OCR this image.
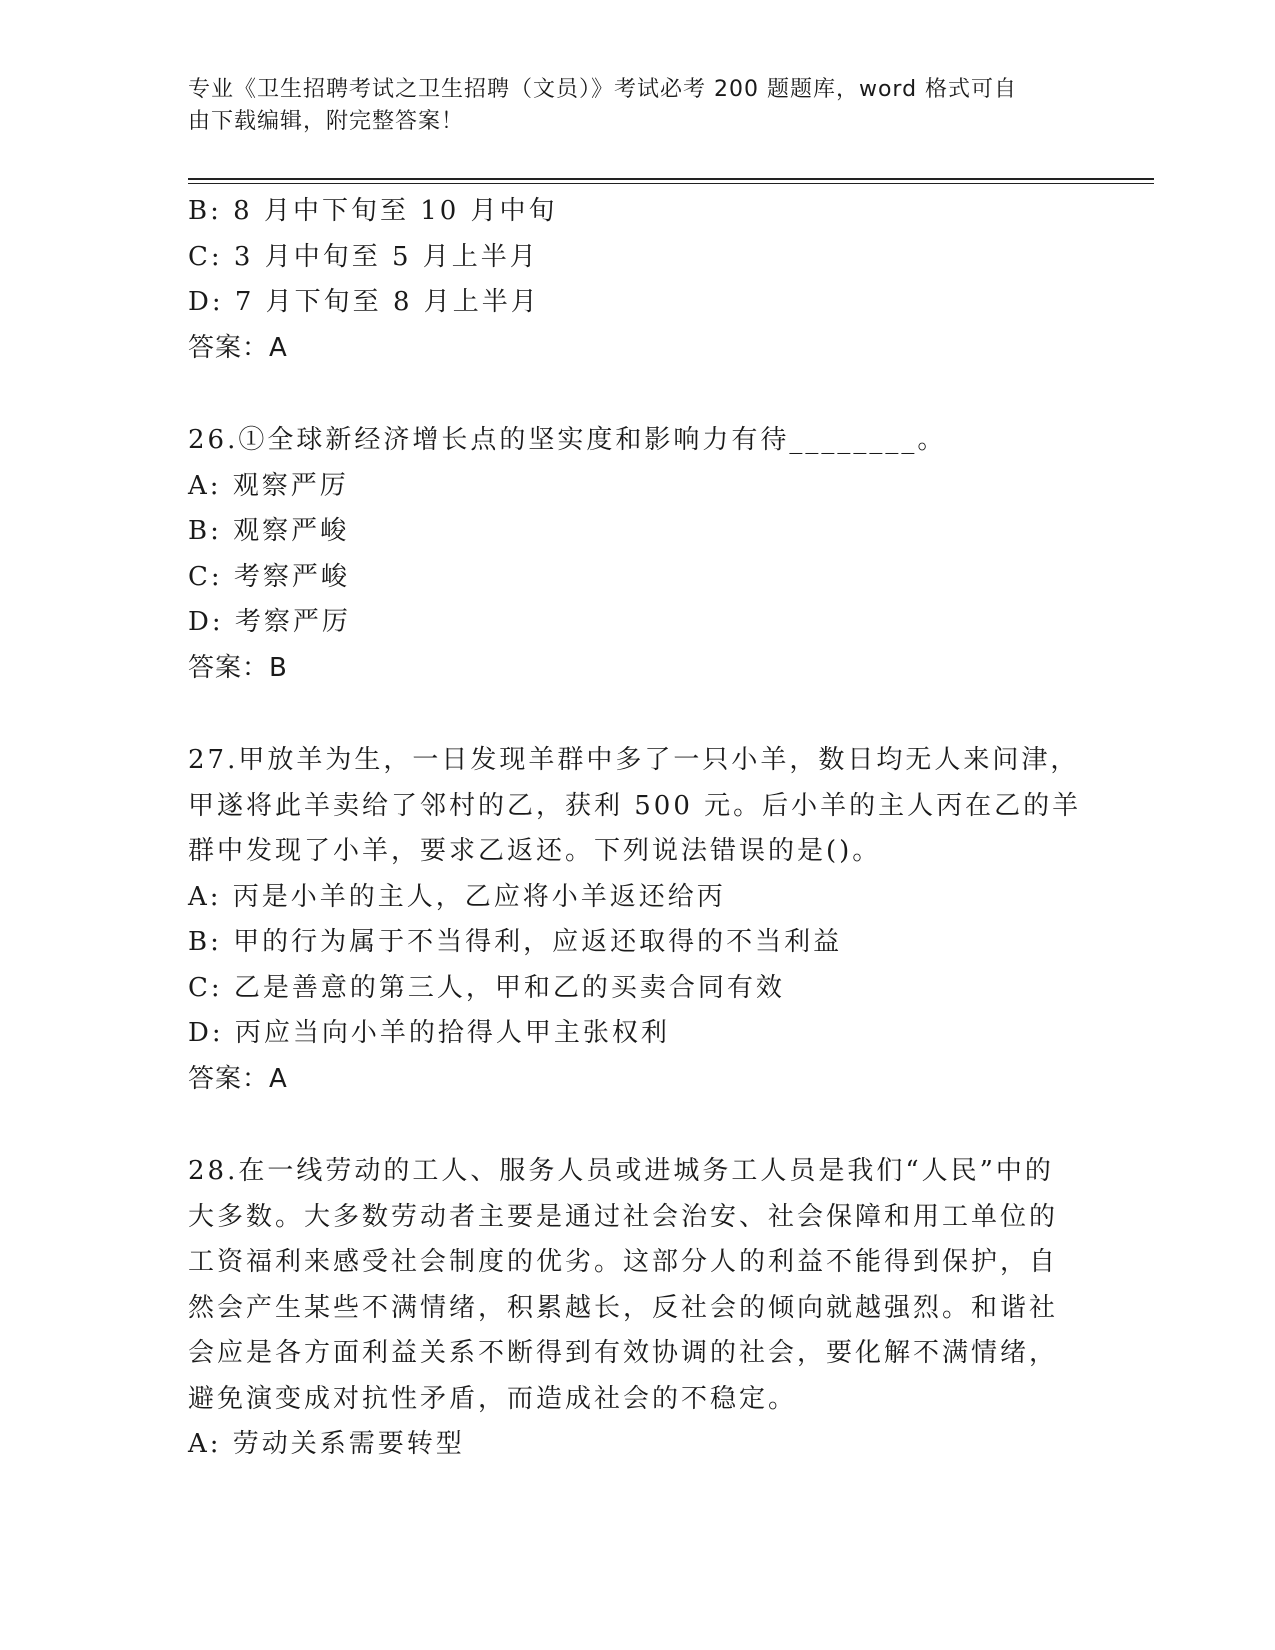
专业《卫生招聘考试之卫生招聘（文员）》考试必考 200 题题库，word 格式可自
由下载编辑，附完整答案！
B: 8 月中下旬至 10 月中旬
C: 3 月中旬至 5 月上半月
D: 7 月下旬至 8 月上半月
答案：A
26.①全球新经济增长点的坚实度和影响力有待________。
A: 观察严厉
B: 观察严峻
C: 考察严峻
D: 考察严厉
答案：B
27.甲放羊为生，一日发现羊群中多了一只小羊，数日均无人来问津，
甲遂将此羊卖给了邻村的乙，获利 500 元。后小羊的主人丙在乙的羊
群中发现了小羊，要求乙返还。下列说法错误的是()。
A: 丙是小羊的主人，乙应将小羊返还给丙
B: 甲的行为属于不当得利，应返还取得的不当利益
C: 乙是善意的第三人，甲和乙的买卖合同有效
D: 丙应当向小羊的拾得人甲主张权利
答案：A
28.在一线劳动的工人、服务人员或进城务工人员是我们“人民”中的
大多数。大多数劳动者主要是通过社会治安、社会保障和用工单位的
工资福利来感受社会制度的优劣。这部分人的利益不能得到保护，自
然会产生某些不满情绪，积累越长，反社会的倾向就越强烈。和谐社
会应是各方面利益关系不断得到有效协调的社会，要化解不满情绪，
避免演变成对抗性矛盾，而造成社会的不稳定。
A: 劳动关系需要转型
